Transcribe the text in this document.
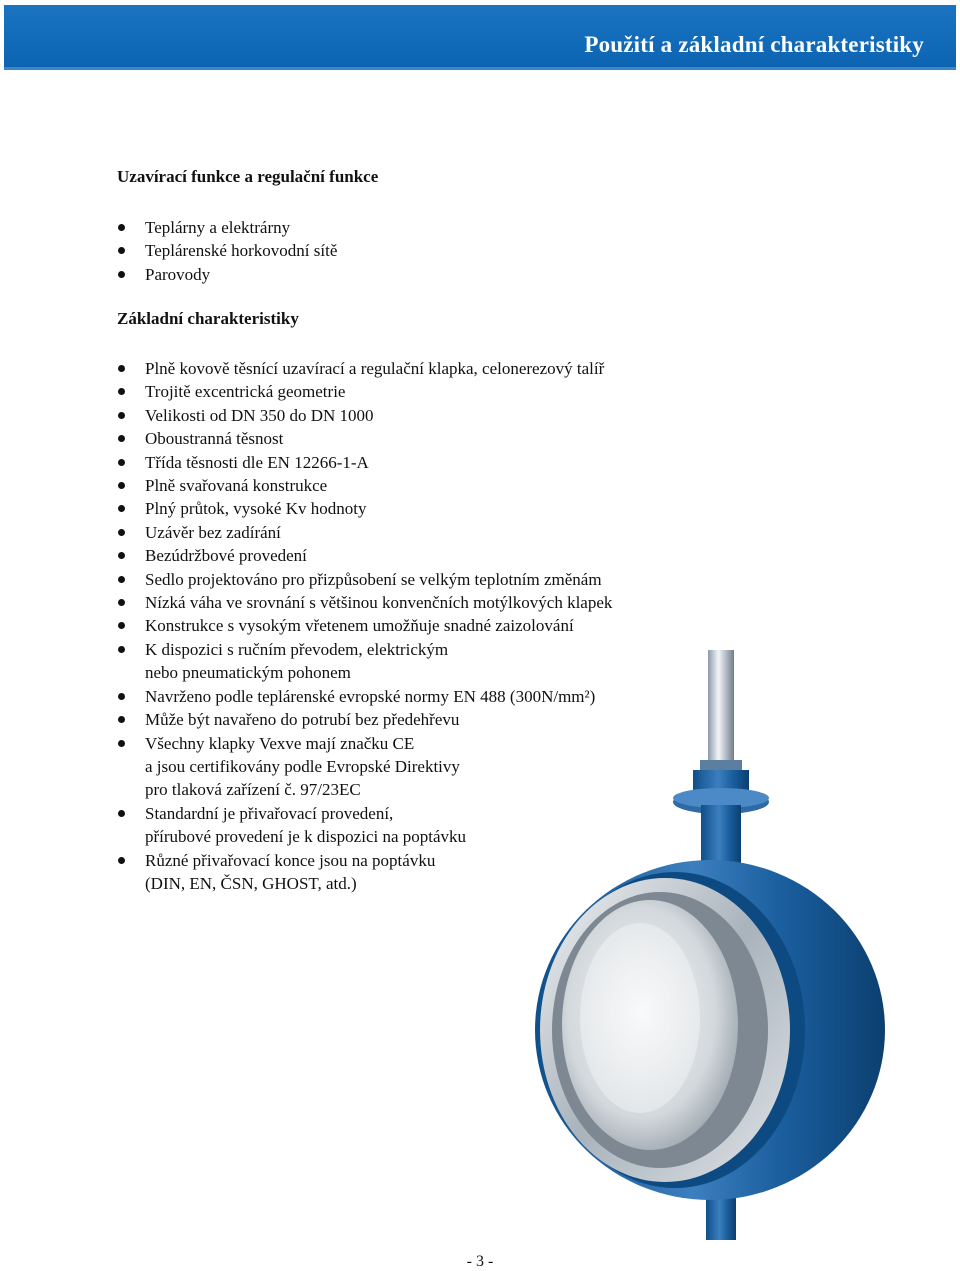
Použití a základní charakteristiky
Uzavírací funkce a regulační funkce
Teplárny a elektrárny
Teplárenské horkovodní sítě
Parovody
Základní charakteristiky
Plně kovově těsnící uzavírací a regulační klapka, celonerezový talíř
Trojitě excentrická geometrie
Velikosti od DN 350 do DN 1000
Oboustranná těsnost
Třída těsnosti dle EN 12266-1-A
Plně svařovaná konstrukce
Plný průtok, vysoké Kv hodnoty
Uzávěr bez zadírání
Bezúdržbové provedení
Sedlo projektováno pro přizpůsobení se velkým teplotním změnám
Nízká váha ve srovnání s většinou konvenčních motýlkových klapek
Konstrukce s vysokým vřetenem umožňuje snadné zaizolování
K dispozici s ručním převodem, elektrickým
nebo pneumatickým pohonem
Navrženo podle teplárenské evropské normy EN 488 (300N/mm²)
Může být navařeno do potrubí bez předehřevu
Všechny klapky Vexve mají značku CE
a jsou certifikovány podle Evropské Direktivy
pro tlaková zařízení č. 97/23EC
Standardní je přivařovací provedení,
přírubové provedení je k dispozici na poptávku
Různé přivařovací konce jsou na poptávku
(DIN, EN, ČSN, GHOST, atd.)
- 3 -
